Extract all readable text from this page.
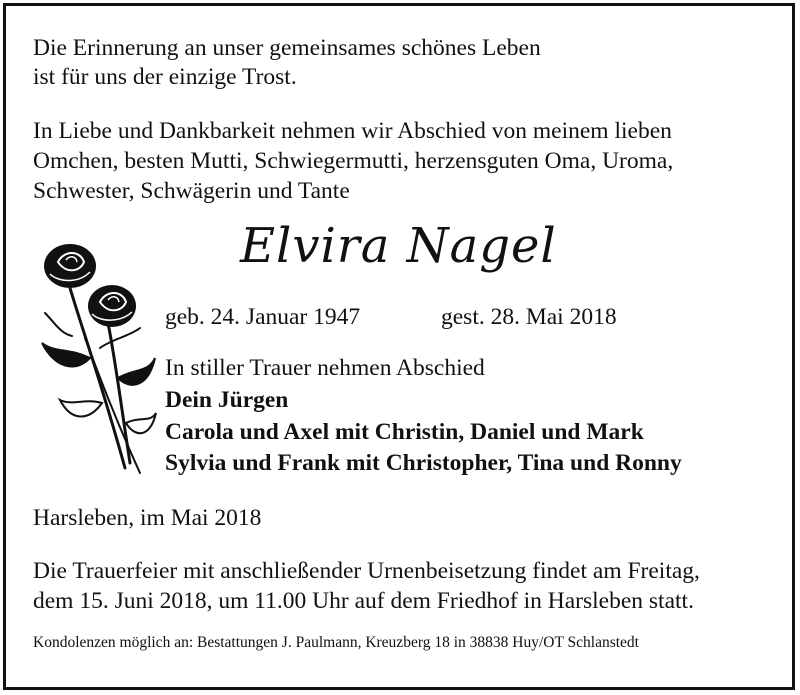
Die Erinnerung an unser gemeinsames schönes Leben
ist für uns der einzige Trost.
In Liebe und Dankbarkeit nehmen wir Abschied von meinem lieben
Omchen, besten Mutti, Schwiegermutti, herzensguten Oma, Uroma,
Schwester, Schwägerin und Tante
Elvira Nagel
geb. 24. Januar 1947	gest. 28. Mai 2018
In stiller Trauer nehmen Abschied
Dein Jürgen
Carola und Axel mit Christin, Daniel und Mark
Sylvia und Frank mit Christopher, Tina und Ronny
Harsleben, im Mai 2018
Die Trauerfeier mit anschließender Urnenbeisetzung findet am Freitag,
dem 15. Juni 2018, um 11.00 Uhr auf dem Friedhof in Harsleben statt.
Kondolenzen möglich an: Bestattungen J. Paulmann, Kreuzberg 18 in 38838 Huy/OT Schlanstedt
